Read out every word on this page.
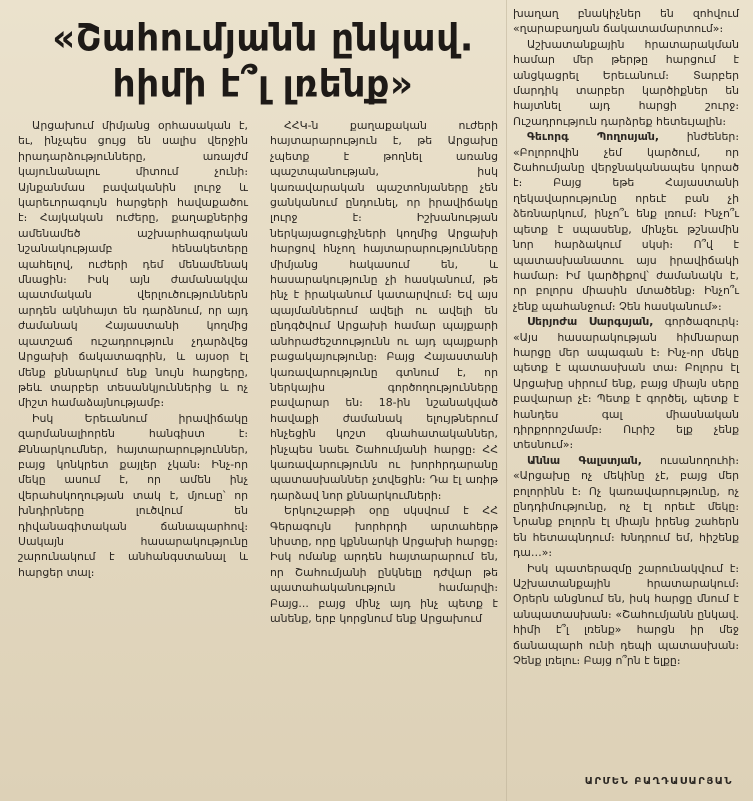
«Շահումյանն ընկավ. հիմի է՞լ լռենք»

Արցախում միմյանց օրհասական է, եւ, ինչպես ցույց են սալիս վերջին իրադարձությունները, առայժմ կայունանալու միտում չունի։ Այնքանմաս բավականին լուրջ և կարեւորագույն հարցերի հավաքածու է։ Հայկական ուժերը, քաղաքներից ամենամեծ աշխարհագրական նշանակությամբ հենակետերը պահելով, ուժերի դեմ մենամենակ մնացին։ Իսկ այն ժամանակվա պատմական վերլուծություններն արդեն ակնհայտ են դարձնում, որ այդ ժամանակ Հայաստանի կողմից պատշաճ ուշադրություն չդարձվեց Արցախի ճակատագրին, և այսօր էլ մենք քննարկում ենք նույն հարցերը, թեև տարբեր տեսանկյուններից և ոչ միշտ համաձայնությամբ։

Իսկ Երեւանում իրավիճակը զարմանալիորեն հանգիստ է։ Քննարկումներ, հայտարարություններ, բայց կոնկրետ քայլեր չկան։ Ինչ-որ մեկը ասում է, որ ամեն ինչ վերահսկողության տակ է, մյուսը՝ որ խնդիրները լուծվում են դիվանագիտական ճանապարհով։ Սակայն հասարակությունը շարունակում է անհանգստանալ և հարցեր տալ։

ՀՀԿ-ն քաղաքական ուժերի հայտարարություն է, թե Արցախը չպետք է թողնել առանց պաշտպանության, իսկ կառավարական պաշտոնյաները չեն ցանկանում ընդունել, որ իրավիճակը լուրջ է։ Իշխանության ներկայացուցիչների կողմից Արցախի հարցով հնչող հայտարարությունները միմյանց հակասում են, և հասարակությունը չի հասկանում, թե ինչ է իրականում կատարվում։ Եվ այս պայմաններում ավելի ու ավելի են ընդգծվում Արցախի համար պայքարի անհրաժեշտությունն ու այդ պայքարի բացակայությունը։ Բայց Հայաստանի կառավարությունը գտնում է, որ ներկայիս գործողությունները բավարար են։ 18-ին նշանակված հավաքի ժամանակ ելույթներում հնչեցին կոշտ գնահատականներ, ինչպես նաեւ Շահումյանի հարցը։ ՀՀ կառավարությունն ու խորհրդարանը պատասխաններ չտվեցին։ Դա էլ առիթ դարձավ նոր քննարկումների։

Երկուշաբթի օրը սկսվում է ՀՀ Գերագույն խորհրդի արտահերթ նիստը, որը կքննարկի Արցախի հարցը։ Իսկ ոմանք արդեն հայտարարում են, որ Շահումյանի ընկնելը դժվար թե պատահականություն համարվի։ Բայց... բայց մինչ այդ ինչ պետք է անենք, երբ կորցնում ենք Արցախում

խաղաղ բնակիչներ են զոհվում «ղարաբաղյան ճակատամարտում»։

Աշխատանքային հրատարակման համար մեր թերթը հարցում է անցկացրել Երեւանում։ Տարբեր մարդիկ տարբեր կարծիքներ են հայտնել այդ հարցի շուրջ։ Ուշադրություն դարձրեք հետեւյալին։

Գեւորգ Պողոսյան, ինժեներ։ «Բոլորովին չեմ կարծում, որ Շահումյանը վերջնականապես կորած է։ Բայց եթե Հայաստանի ղեկավարությունը որեւէ բան չի ձեռնարկում, ինչո՞ւ ենք լռում։ Ինչո՞ւ պետք է սպասենք, մինչեւ թշնամին նոր հարձակում սկսի։ Ո՞վ է պատասխանատու այս իրավիճակի համար։ Իմ կարծիքով՝ ժամանակն է, որ բոլորս միասին մտածենք։ Ինչո՞ւ չենք պահանջում։ Չեն հասկանում»։

Սերյոժա Սարգսյան, գործազուրկ։ «Այս հասարակության հիմնարար հարցը մեր ապագան է։ Ինչ-որ մեկը պետք է պատասխան տա։ Բոլորս էլ Արցախը սիրում ենք, բայց միայն սերը բավարար չէ։ Պետք է գործել, պետք է հանդես գալ միասնական դիրքորոշմամբ։ Ուրիշ ելք չենք տեսնում»։

Աննա Գալստյան, ուսանողուհի։ «Արցախը ոչ մեկինը չէ, բայց մեր բոլորինն է։ Ոչ կառավարությունը, ոչ ընդդիմությունը, ոչ էլ որեւէ մեկը։ Նրանք բոլորն էլ միայն իրենց շահերն են հետապնդում։ Խնդրում եմ, հիշենք դա…»։

Իսկ պատերազմը շարունակվում է։ Աշխատանքային հրատարակում։ Օրերն անցնում են, իսկ հարցը մնում է անպատասխան։ «Շահումյանն ընկավ. հիմի է՞լ լռենք» հարցն իր մեջ ճանապարհ ունի դեպի պատասխան։ Չենք լռելու։ Բայց ո՞րն է ելքը։

ԱՐՄԵՆ ԲԱՂԴԱՍԱՐՅԱՆ
